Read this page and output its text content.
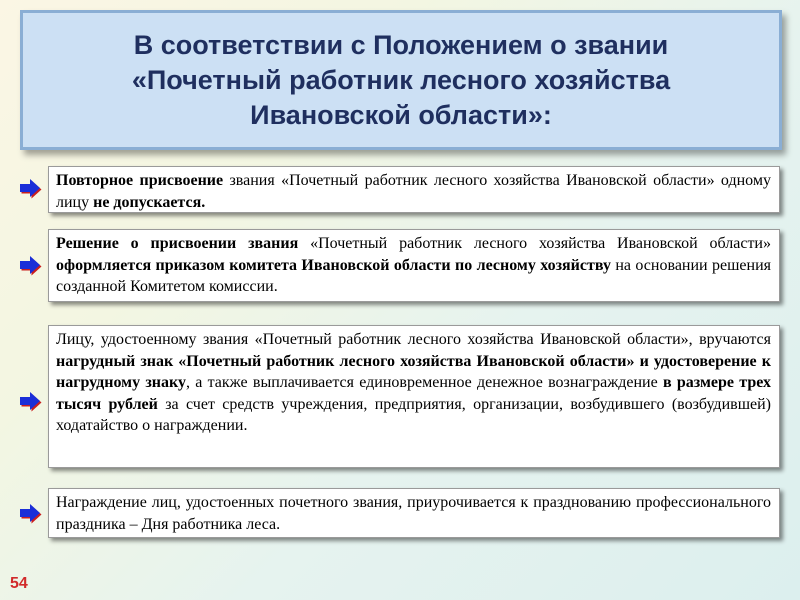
В соответствии с Положением о звании
«Почетный работник лесного хозяйства
Ивановской области»:
Повторное присвоение звания «Почетный работник лесного хозяйства Ивановской области» одному лицу не допускается.
Решение о присвоении звания «Почетный работник лесного хозяйства Ивановской области» оформляется приказом комитета Ивановской области по лесному хозяйству на основании решения созданной Комитетом комиссии.
Лицу, удостоенному звания «Почетный работник лесного хозяйства Ивановской области», вручаются нагрудный знак «Почетный работник лесного хозяйства Ивановской области» и удостоверение к нагрудному знаку, а также выплачивается единовременное денежное вознаграждение в размере трех тысяч рублей за счет средств учреждения, предприятия, организации, возбудившего (возбудившей) ходатайство о награждении.
Награждение лиц, удостоенных почетного звания, приурочивается к празднованию профессионального праздника – Дня работника леса.
54
